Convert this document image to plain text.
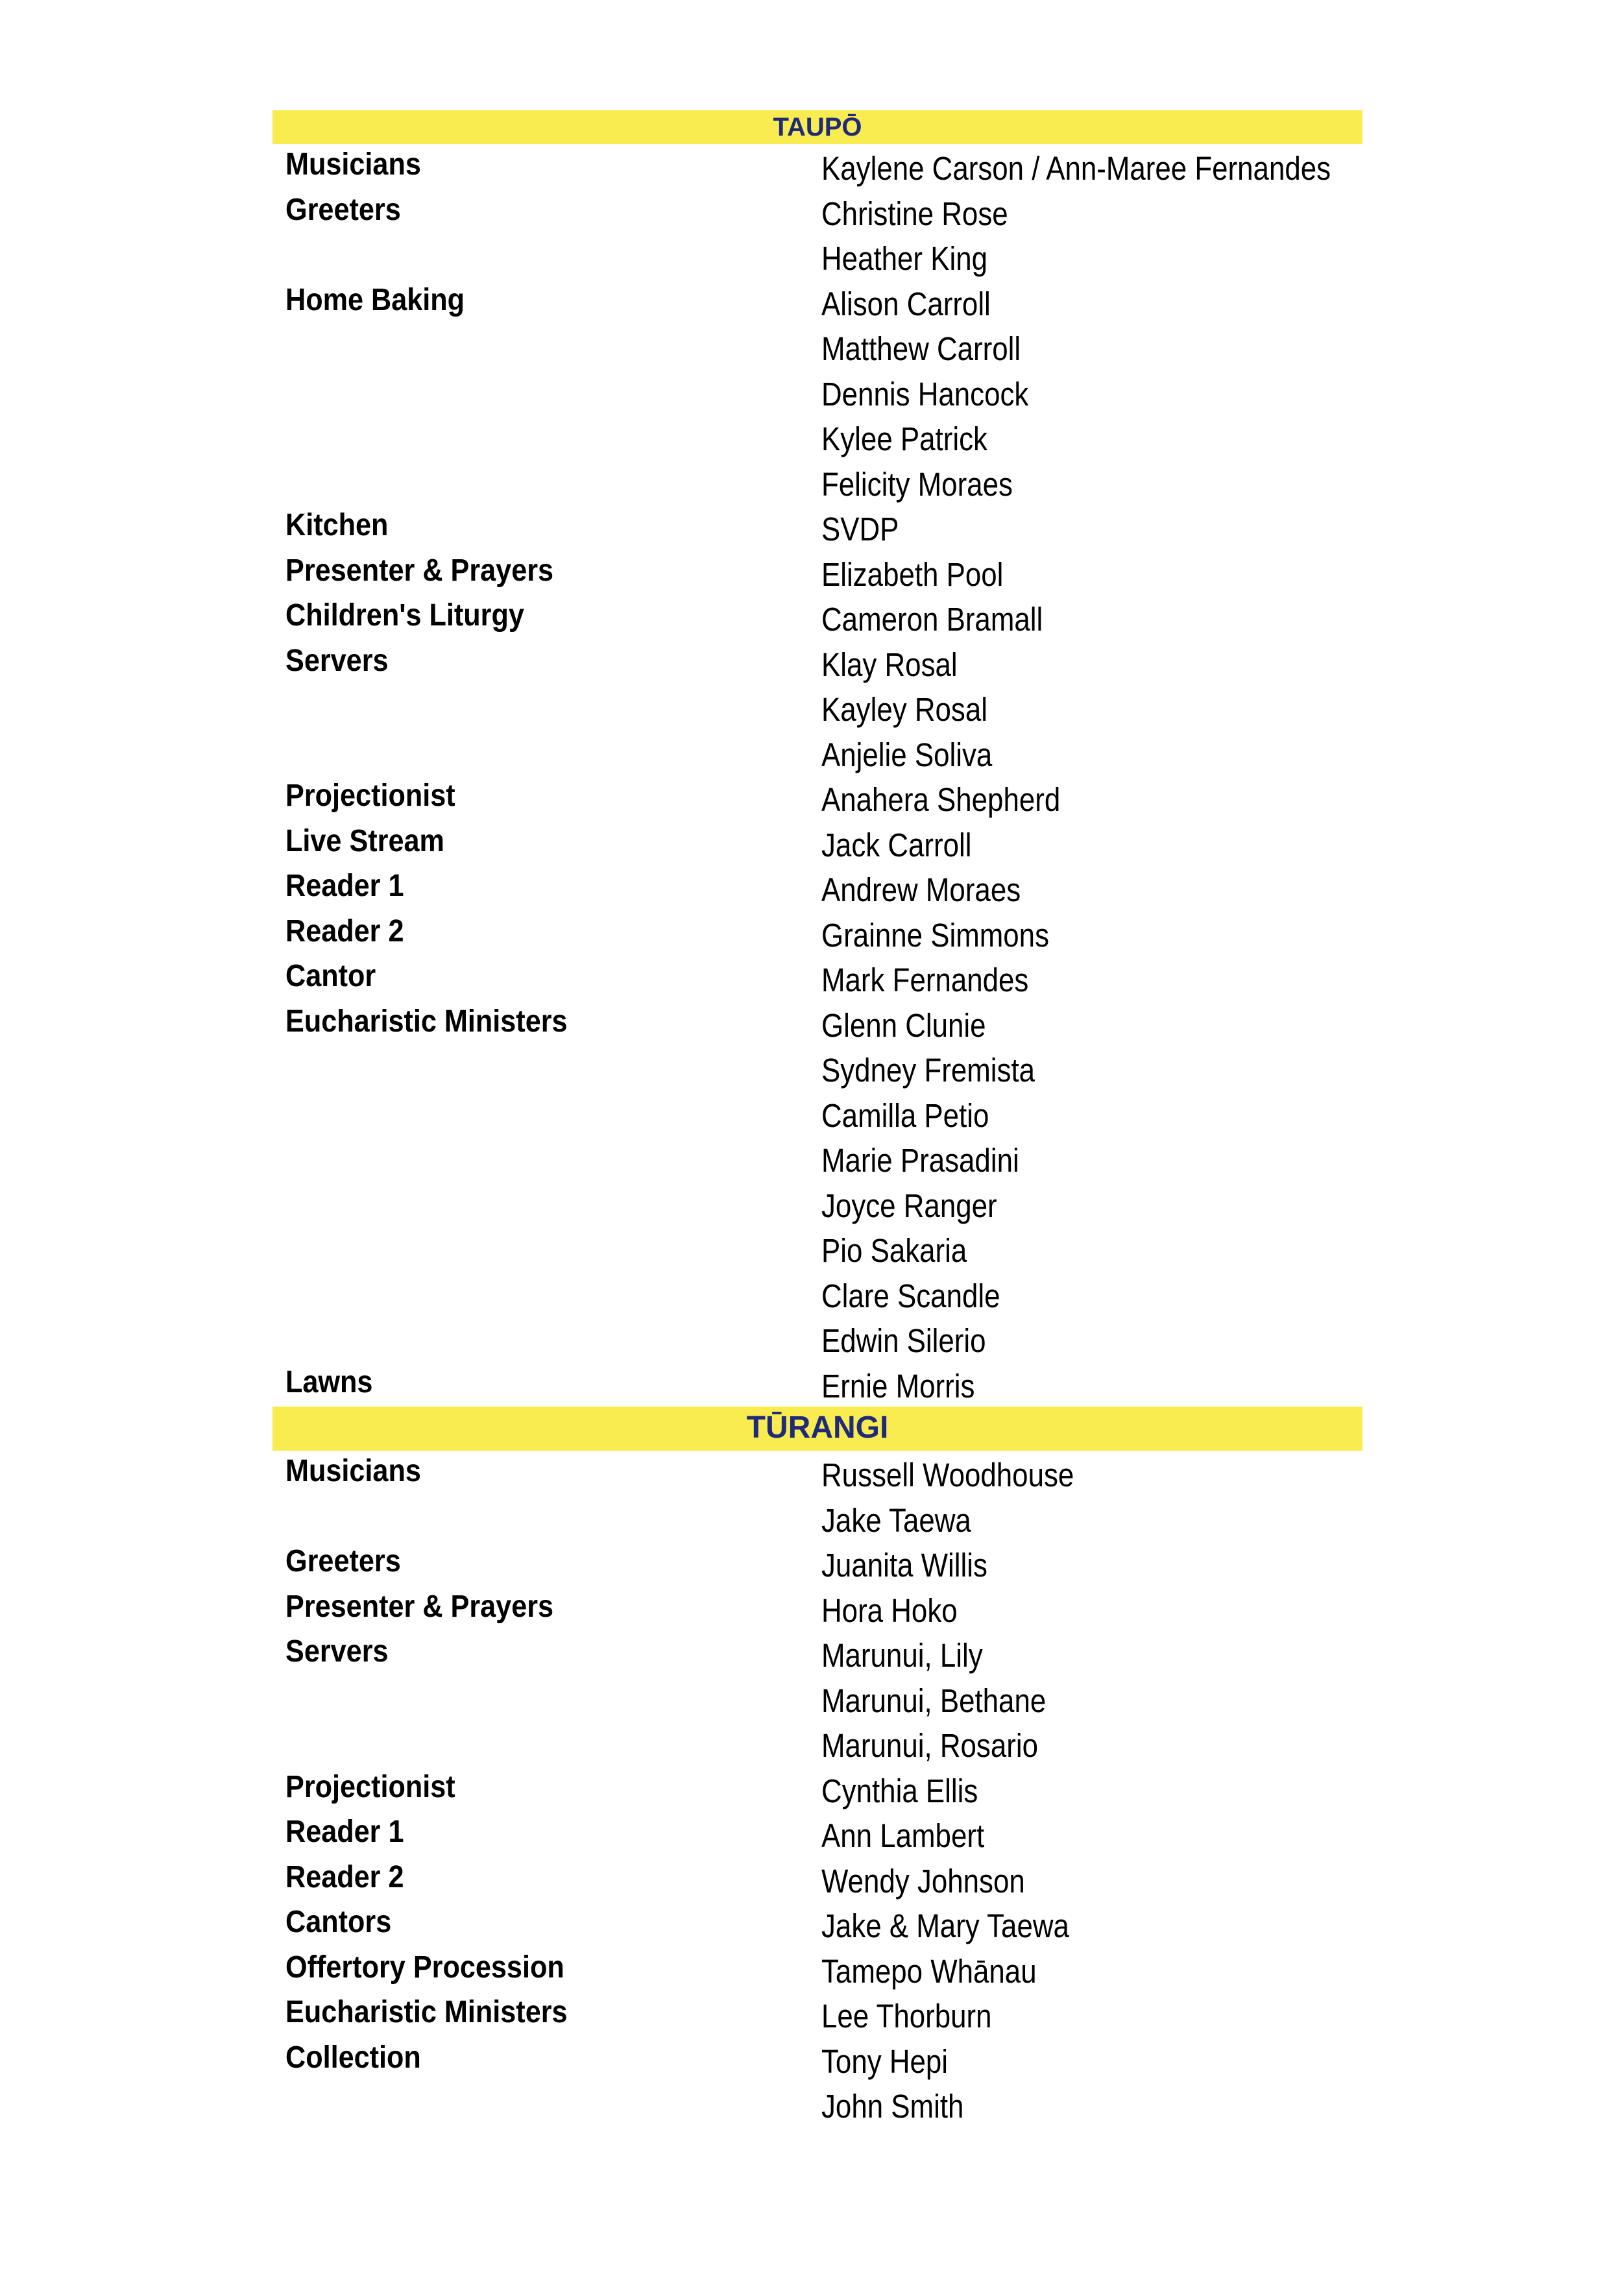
TAUPŌ
Musicians	Kaylene Carson / Ann-Maree Fernandes
Greeters	Christine Rose
Heather King
Home Baking	Alison Carroll
Matthew Carroll
Dennis Hancock
Kylee Patrick
Felicity Moraes
Kitchen	SVDP
Presenter & Prayers	Elizabeth Pool
Children's Liturgy	Cameron Bramall
Servers	Klay Rosal
Kayley Rosal
Anjelie Soliva
Projectionist	Anahera Shepherd
Live Stream	Jack Carroll
Reader 1	Andrew Moraes
Reader 2	Grainne Simmons
Cantor	Mark Fernandes
Eucharistic Ministers	Glenn Clunie
Sydney Fremista
Camilla Petio
Marie Prasadini
Joyce Ranger
Pio Sakaria
Clare Scandle
Edwin Silerio
Lawns	Ernie Morris
TŪRANGI
Musicians	Russell Woodhouse
Jake Taewa
Greeters	Juanita Willis
Presenter & Prayers	Hora Hoko
Servers	Marunui, Lily
Marunui, Bethane
Marunui, Rosario
Projectionist	Cynthia Ellis
Reader 1	Ann Lambert
Reader 2	Wendy Johnson
Cantors	Jake & Mary Taewa
Offertory Procession	Tamepo Whānau
Eucharistic Ministers	Lee Thorburn
Collection	Tony Hepi
John Smith
